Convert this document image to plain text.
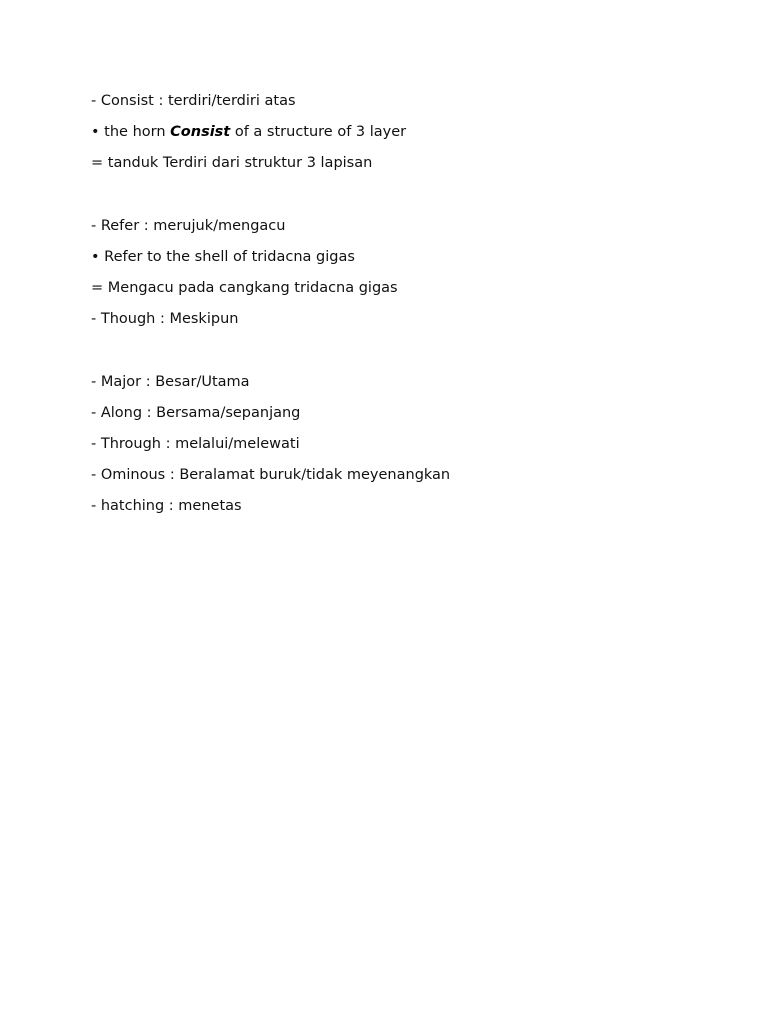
- Consist : terdiri/terdiri atas
• the horn Consist of a structure of 3 layer
= tanduk Terdiri dari struktur 3 lapisan
- Refer : merujuk/mengacu
• Refer to the shell of tridacna gigas
= Mengacu pada cangkang tridacna gigas
- Though : Meskipun
- Major : Besar/Utama
- Along : Bersama/sepanjang
- Through : melalui/melewati
- Ominous : Beralamat buruk/tidak meyenangkan
- hatching : menetas
